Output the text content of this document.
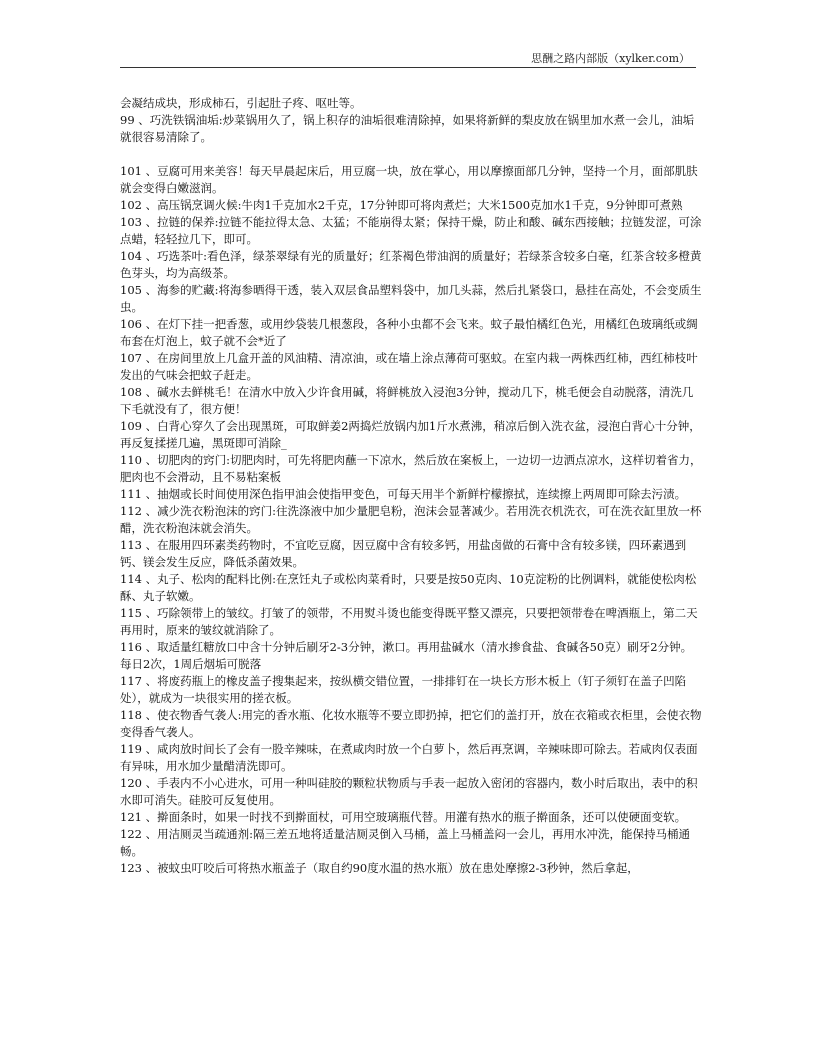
思酬之路内部版（xylker.com）

会凝结成块，形成柿石，引起肚子疼、呕吐等。

99 、巧洗铁锅油垢:炒菜锅用久了，锅上积存的油垢很难清除掉，如果将新鲜的梨皮放在锅里加水煮一会儿，油垢就很容易清除了。

101 、豆腐可用来美容！每天早晨起床后，用豆腐一块，放在掌心，用以摩擦面部几分钟，坚持一个月，面部肌肤就会变得白嫩滋润。

102 、高压锅烹调火候:牛肉1千克加水2千克，17分钟即可将肉煮烂；大米1500克加水1千克，9分钟即可煮熟

103 、拉链的保养:拉链不能拉得太急、太猛；不能崩得太紧；保持干燥，防止和酸、碱东西接触；拉链发涩，可涂点蜡，轻轻拉几下，即可。

104 、巧选茶叶:看色泽，绿茶翠绿有光的质量好；红茶褐色带油润的质量好；若绿茶含较多白毫，红茶含较多橙黄色芽头，均为高级茶。

105 、海参的贮藏:将海参晒得干透，装入双层食品塑料袋中，加几头蒜，然后扎紧袋口，悬挂在高处，不会变质生虫。

106 、在灯下挂一把香葱，或用纱袋装几根葱段，各种小虫都不会飞来。蚊子最怕橘红色光，用橘红色玻璃纸或绸布套在灯泡上，蚊子就不会*近了

107 、在房间里放上几盒开盖的风油精、清凉油，或在墙上涂点薄荷可驱蚊。在室内栽一两株西红柿，西红柿枝叶发出的气味会把蚊子赶走。

108 、碱水去鲜桃毛！在清水中放入少许食用碱，将鲜桃放入浸泡3分钟，搅动几下，桃毛便会自动脱落，清洗几下毛就没有了，很方便！

109 、白背心穿久了会出现黑斑，可取鲜姜2两捣烂放锅内加1斤水煮沸，稍凉后倒入洗衣盆，浸泡白背心十分钟，再反复揉搓几遍，黑斑即可消除_

110 、切肥肉的窍门:切肥肉时，可先将肥肉蘸一下凉水，然后放在案板上，一边切一边洒点凉水，这样切着省力，肥肉也不会滑动，且不易粘案板

111 、抽烟或长时间使用深色指甲油会使指甲变色，可每天用半个新鲜柠檬擦拭，连续擦上两周即可除去污渍。

112 、减少洗衣粉泡沫的窍门:往洗涤液中加少量肥皂粉，泡沫会显著减少。若用洗衣机洗衣，可在洗衣缸里放一杯醋，洗衣粉泡沫就会消失。

113 、在服用四环素类药物时，不宜吃豆腐，因豆腐中含有较多钙，用盐卤做的石膏中含有较多镁，四环素遇到钙、镁会发生反应，降低杀菌效果。

114 、丸子、松肉的配料比例:在烹饪丸子或松肉菜肴时，只要是按50克肉、10克淀粉的比例调料，就能使松肉松酥、丸子软嫩。

115 、巧除领带上的皱纹。打皱了的领带，不用熨斗烫也能变得既平整又漂亮，只要把领带卷在啤酒瓶上，第二天再用时，原来的皱纹就消除了。

116 、取适量红糖放口中含十分钟后刷牙2-3分钟，漱口。再用盐碱水（清水掺食盐、食碱各50克）刷牙2分钟。每日2次，1周后烟垢可脱落

117 、将废药瓶上的橡皮盖子搜集起来，按纵横交错位置，一排排钉在一块长方形木板上（钉子须钉在盖子凹陷处），就成为一块很实用的搓衣板。

118 、使衣物香气袭人:用完的香水瓶、化妆水瓶等不要立即扔掉，把它们的盖打开，放在衣箱或衣柜里，会使衣物变得香气袭人。

119 、咸肉放时间长了会有一股辛辣味，在煮咸肉时放一个白萝卜，然后再烹调，辛辣味即可除去。若咸肉仅表面有异味，用水加少量醋清洗即可。

120 、手表内不小心进水，可用一种叫硅胶的颗粒状物质与手表一起放入密闭的容器内，数小时后取出，表中的积水即可消失。硅胶可反复使用。

121 、擀面条时，如果一时找不到擀面杖，可用空玻璃瓶代替。用灌有热水的瓶子擀面条，还可以使硬面变软。

122 、用洁厕灵当疏通剂:隔三差五地将适量洁厕灵倒入马桶，盖上马桶盖闷一会儿，再用水冲洗，能保持马桶通畅。

123 、被蚊虫叮咬后可将热水瓶盖子（取自约90度水温的热水瓶）放在患处摩擦2-3秒钟，然后拿起，
